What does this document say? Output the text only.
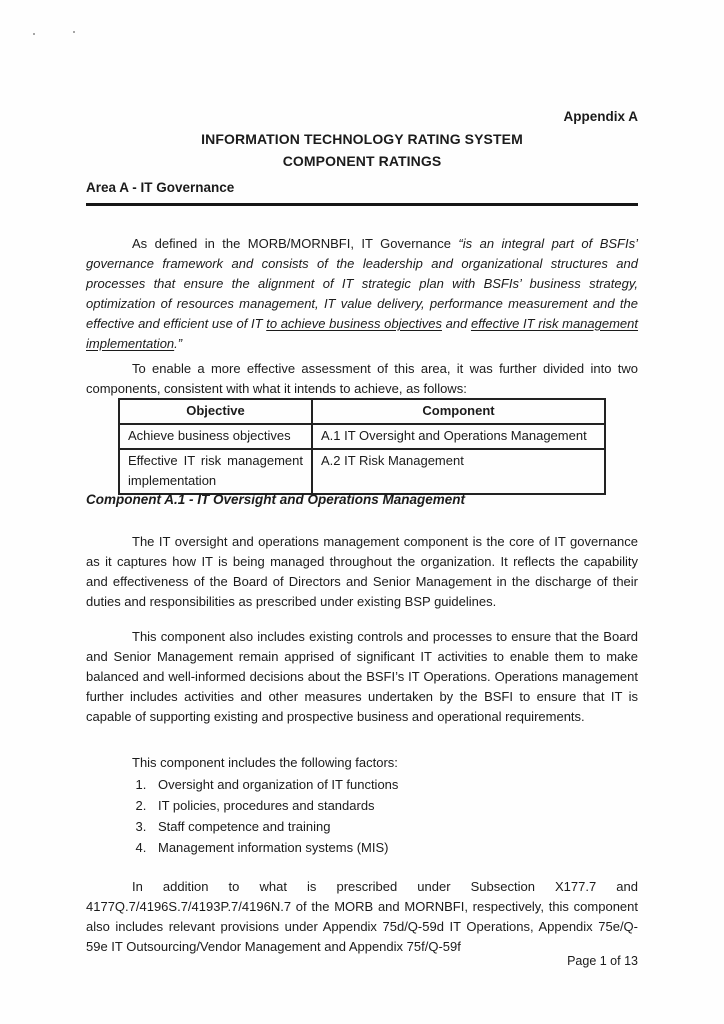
Appendix A
INFORMATION TECHNOLOGY RATING SYSTEM
COMPONENT RATINGS
Area A - IT Governance

As defined in the MORB/MORNBFI, IT Governance “is an integral part of BSFIs’ governance framework and consists of the leadership and organizational structures and processes that ensure the alignment of IT strategic plan with BSFIs’ business strategy, optimization of resources management, IT value delivery, performance measurement and the effective and efficient use of IT to achieve business objectives and effective IT risk management implementation.”

To enable a more effective assessment of this area, it was further divided into two components, consistent with what it intends to achieve, as follows:

Objective	Component
Achieve business objectives	A.1 IT Oversight and Operations Management
Effective IT risk management implementation	A.2 IT Risk Management
Component A.1 - IT Oversight and Operations Management

The IT oversight and operations management component is the core of IT governance as it captures how IT is being managed throughout the organization. It reflects the capability and effectiveness of the Board of Directors and Senior Management in the discharge of their duties and responsibilities as prescribed under existing BSP guidelines.

This component also includes existing controls and processes to ensure that the Board and Senior Management remain apprised of significant IT activities to enable them to make balanced and well-informed decisions about the BSFI’s IT Operations. Operations management further includes activities and other measures undertaken by the BSFI to ensure that IT is capable of supporting existing and prospective business and operational requirements.

This component includes the following factors:

1. Oversight and organization of IT functions
2. IT policies, procedures and standards
3. Staff competence and training
4. Management information systems (MIS)

In addition to what is prescribed under Subsection X177.7 and 4177Q.7/4196S.7/4193P.7/4196N.7 of the MORB and MORNBFI, respectively, this component also includes relevant provisions under Appendix 75d/Q-59d IT Operations, Appendix 75e/Q-59e IT Outsourcing/Vendor Management and Appendix 75f/Q-59f

Page 1 of 13
